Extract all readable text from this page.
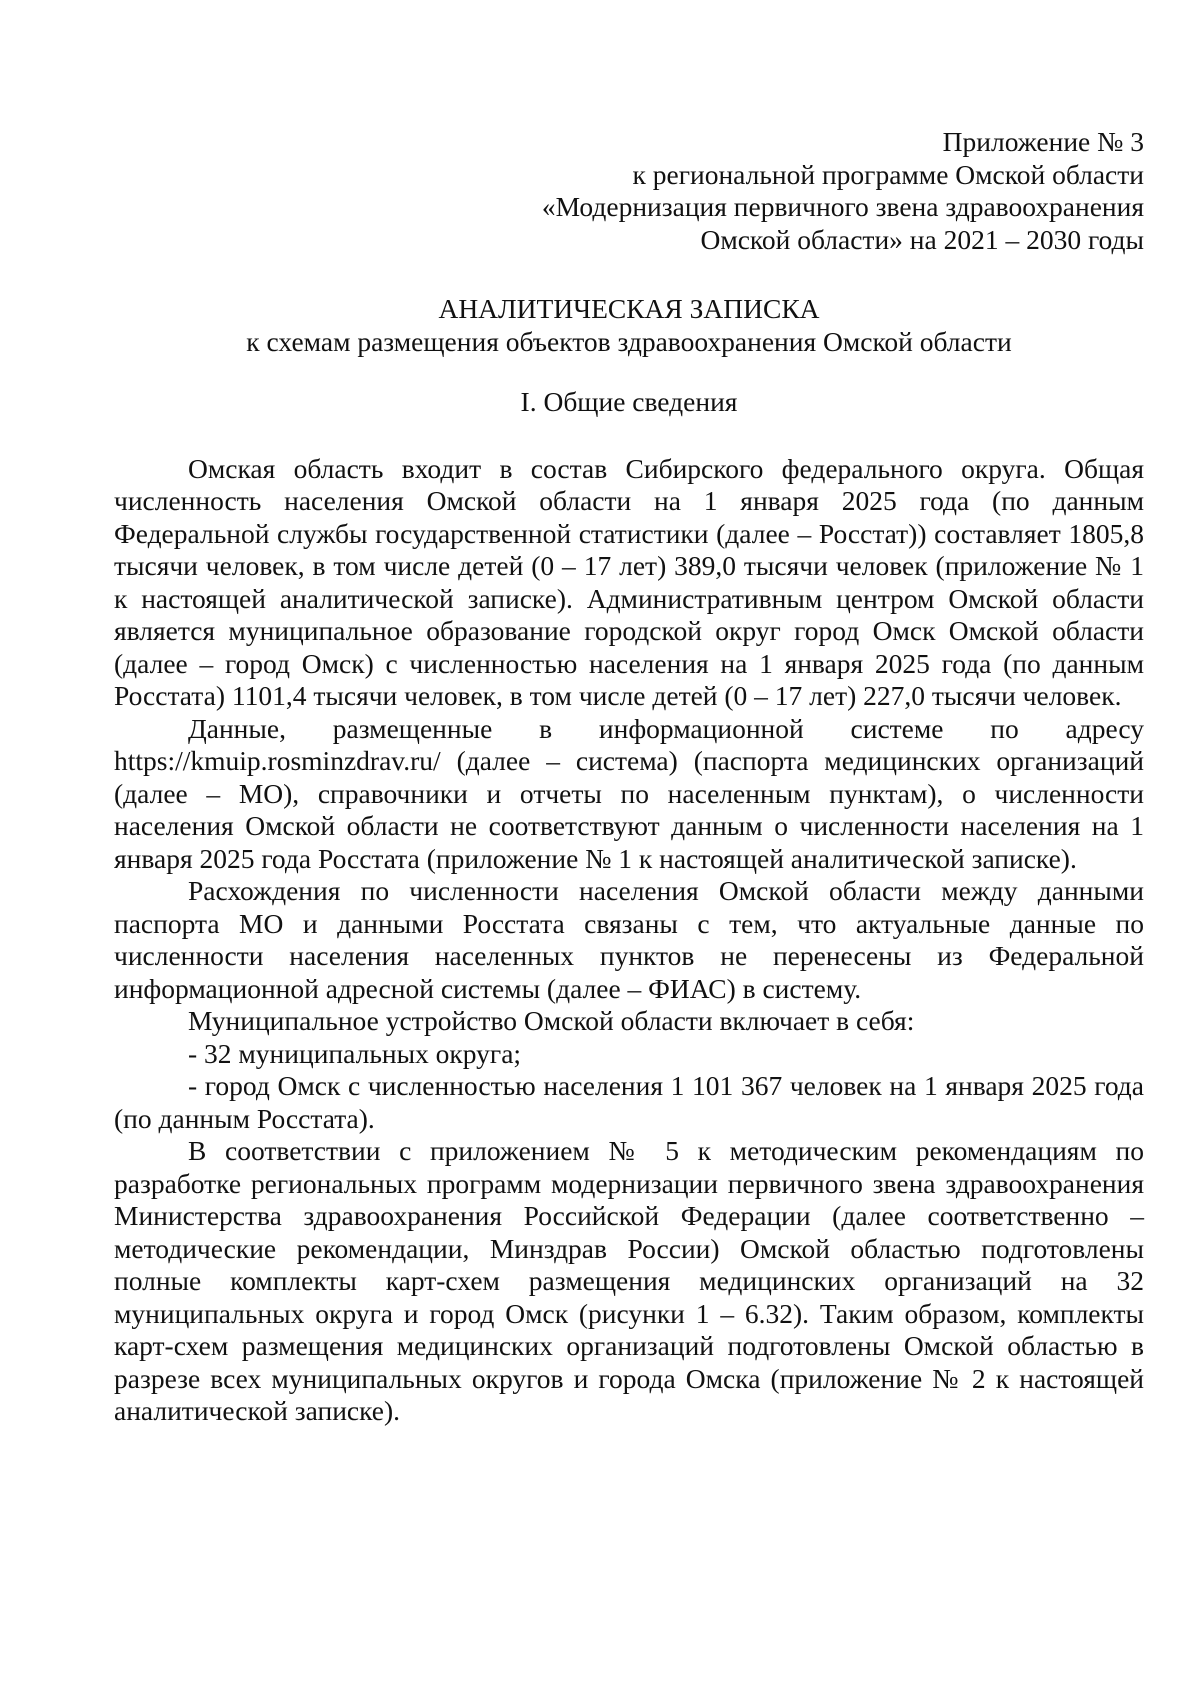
Приложение № 3
к региональной программе Омской области
«Модернизация первичного звена здравоохранения
Омской области» на 2021 – 2030 годы
АНАЛИТИЧЕСКАЯ ЗАПИСКА
к схемам размещения объектов здравоохранения Омской области
I. Общие сведения

Омская область входит в состав Сибирского федерального округа. Общая численность населения Омской области на 1 января 2025 года (по данным Федеральной службы государственной статистики (далее – Росстат)) составляет 1805,8 тысячи человек, в том числе детей (0 – 17 лет) 389,0 тысячи человек (приложение № 1 к настоящей аналитической записке). Административным центром Омской области является муниципальное образование городской округ город Омск Омской области (далее – город Омск) с численностью населения на 1 января 2025 года (по данным Росстата) 1101,4 тысячи человек, в том числе детей (0 – 17 лет) 227,0 тысячи человек.

Данные, размещенные в информационной системе по адресу https://kmuip.rosminzdrav.ru/ (далее – система) (паспорта медицинских организаций (далее – МО), справочники и отчеты по населенным пунктам), о численности населения Омской области не соответствуют данным о численности населения на 1 января 2025 года Росстата (приложение № 1 к настоящей аналитической записке).

Расхождения по численности населения Омской области между данными паспорта МО и данными Росстата связаны с тем, что актуальные данные по численности населения населенных пунктов не перенесены из Федеральной информационной адресной системы (далее – ФИАС) в систему.

Муниципальное устройство Омской области включает в себя:

- 32 муниципальных округа;

- город Омск с численностью населения 1 101 367 человек на 1 января 2025 года (по данным Росстата).

В соответствии с приложением № 5 к методическим рекомендациям по разработке региональных программ модернизации первичного звена здравоохранения Министерства здравоохранения Российской Федерации (далее соответственно – методические рекомендации, Минздрав России) Омской областью подготовлены полные комплекты карт-схем размещения медицинских организаций на 32 муниципальных округа и город Омск (рисунки 1 – 6.32). Таким образом, комплекты карт-схем размещения медицинских организаций подготовлены Омской областью в разрезе всех муниципальных округов и города Омска (приложение № 2 к настоящей аналитической записке).
